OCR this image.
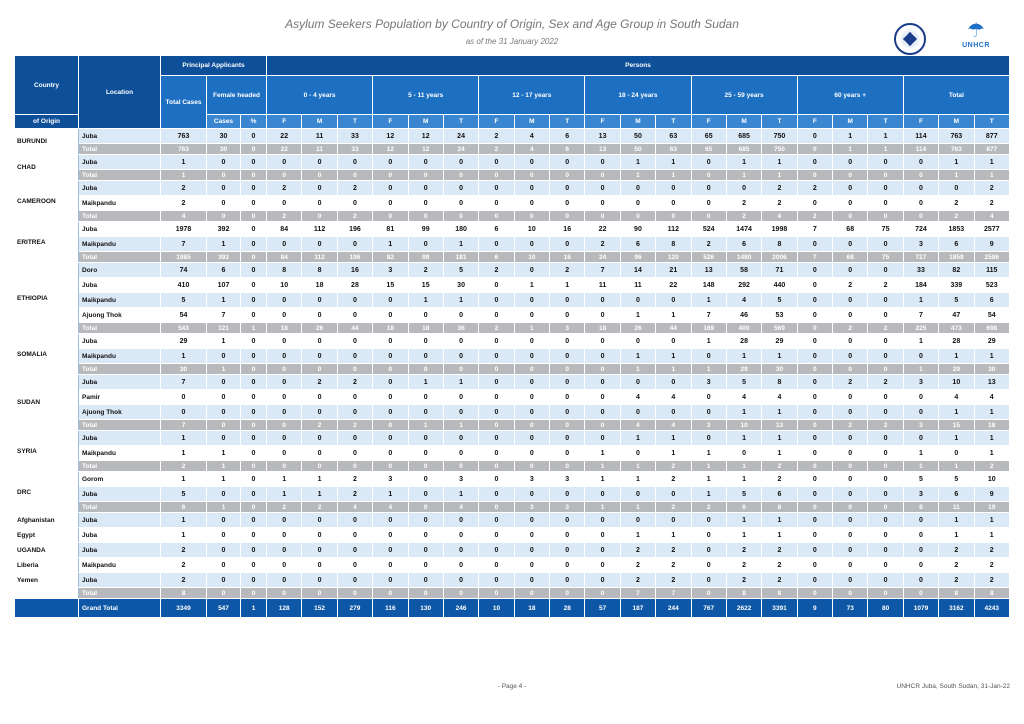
Asylum Seekers Population by Country of Origin, Sex and Age Group in South Sudan
as of the 31 January 2022	☂
UNHCR
Country	Location	Principal Applicants			Persons																				
		Total Cases	Female headed		0 - 4 years			5 - 11 years			12 - 17 years			18 - 24 years			25 - 59 years			60 years +			Total		
of Origin			Cases	%	F	M	T	F	M	T	F	M	T	F	M	T	F	M	T	F	M	T	F	M	T
BURUNDI	Juba	763	30	0	22	11	33	12	12	24	2	4	6	13	50	63	65	685	750	0	1	1	114	763	877
	Total	763	30	0	22	11	33	12	12	24	2	4	6	13	50	63	65	685	750	0	1	1	114	763	877
CHAD	Juba	1	0	0	0	0	0	0	0	0	0	0	0	0	1	1	0	1	1	0	0	0	0	1	1
	Total	1	0	0	0	0	0	0	0	0	0	0	0	0	1	1	0	1	1	0	0	0	0	1	1
CAMEROON	Juba	2	0	0	2	0	2	0	0	0	0	0	0	0	0	0	0	0	2	2	0	0	0	0	2
	Maikpandu	2	0	0	0	0	0	0	0	0	0	0	0	0	0	0	0	2	2	0	0	0	0	2	2
	Total	4	0	0	2	0	2	0	0	0	0	0	0	0	0	0	0	2	4	2	0	0	0	2	4
ERITREA	Juba	1978	392	0	84	112	196	81	99	180	6	10	16	22	90	112	524	1474	1998	7	68	75	724	1853	2577
	Maikpandu	7	1	0	0	0	0	1	0	1	0	0	0	2	6	8	2	6	8	0	0	0	3	6	9
	Total	1985	393	0	84	112	196	82	99	181	6	10	16	24	96	120	526	1480	2006	7	68	75	727	1859	2586
ETHIOPIA	Doro	74	6	0	8	8	16	3	2	5	2	0	2	7	14	21	13	58	71	0	0	0	33	82	115
	Juba	410	107	0	10	18	28	15	15	30	0	1	1	11	11	22	148	292	440	0	2	2	184	339	523
	Maikpandu	5	1	0	0	0	0	0	1	1	0	0	0	0	0	0	1	4	5	0	0	0	1	5	6
	Ajuong Thok	54	7	0	0	0	0	0	0	0	0	0	0	0	1	1	7	46	53	0	0	0	7	47	54
	Total	543	121	1	18	26	44	18	18	36	2	1	3	18	26	44	169	400	569	0	2	2	225	473	698
SOMALIA	Juba	29	1	0	0	0	0	0	0	0	0	0	0	0	0	0	1	28	29	0	0	0	1	28	29
	Maikpandu	1	0	0	0	0	0	0	0	0	0	0	0	0	1	1	0	1	1	0	0	0	0	1	1
	Total	30	1	0	0	0	0	0	0	0	0	0	0	0	1	1	1	29	30	0	0	0	1	29	30
SUDAN	Juba	7	0	0	0	2	2	0	1	1	0	0	0	0	0	0	3	5	8	0	2	2	3	10	13
	Pamir	0	0	0	0	0	0	0	0	0	0	0	0	0	4	4	0	4	4	0	0	0	0	4	4
	Ajuong Thok	0	0	0	0	0	0	0	0	0	0	0	0	0	0	0	0	1	1	0	0	0	0	1	1
	Total	7	0	0	0	2	2	0	1	1	0	0	0	0	4	4	3	10	13	0	2	2	3	15	18
SYRIA	Juba	1	0	0	0	0	0	0	0	0	0	0	0	0	1	1	0	1	1	0	0	0	0	1	1
	Maikpandu	1	1	0	0	0	0	0	0	0	0	0	0	1	0	1	1	0	1	0	0	0	1	0	1
	Total	2	1	0	0	0	0	0	0	0	0	0	0	1	1	2	1	1	2	0	0	0	1	1	2
DRC	Gorom	1	1	0	1	1	2	3	0	3	0	3	3	1	1	2	1	1	2	0	0	0	5	5	10
	Juba	5	0	0	1	1	2	1	0	1	0	0	0	0	0	0	1	5	6	0	0	0	3	6	9
	Total	6	1	0	2	2	4	4	0	4	0	3	3	1	1	2	2	6	8	0	0	0	8	11	19
Afghanistan	Juba	1	0	0	0	0	0	0	0	0	0	0	0	0	0	0	0	1	1	0	0	0	0	1	1
Egypt	Juba	1	0	0	0	0	0	0	0	0	0	0	0	0	1	1	0	1	1	0	0	0	0	1	1
UGANDA	Juba	2	0	0	0	0	0	0	0	0	0	0	0	0	2	2	0	2	2	0	0	0	0	2	2
Liberia	Maikpandu	2	0	0	0	0	0	0	0	0	0	0	0	0	2	2	0	2	2	0	0	0	0	2	2
Yemen	Juba	2	0	0	0	0	0	0	0	0	0	0	0	0	2	2	0	2	2	0	0	0	0	2	2
	Total	8	0	0	0	0	0	0	0	0	0	0	0	0	7	7	0	8	8	0	0	0	0	8	8
	Grand Total	3349	547	1	128	152	279	116	130	246	10	18	28	57	187	244	767	2622	3391	9	73	80	1079	3162	4243
- Page 4 -	UNHCR Juba, South Sudan, 31-Jan-22
